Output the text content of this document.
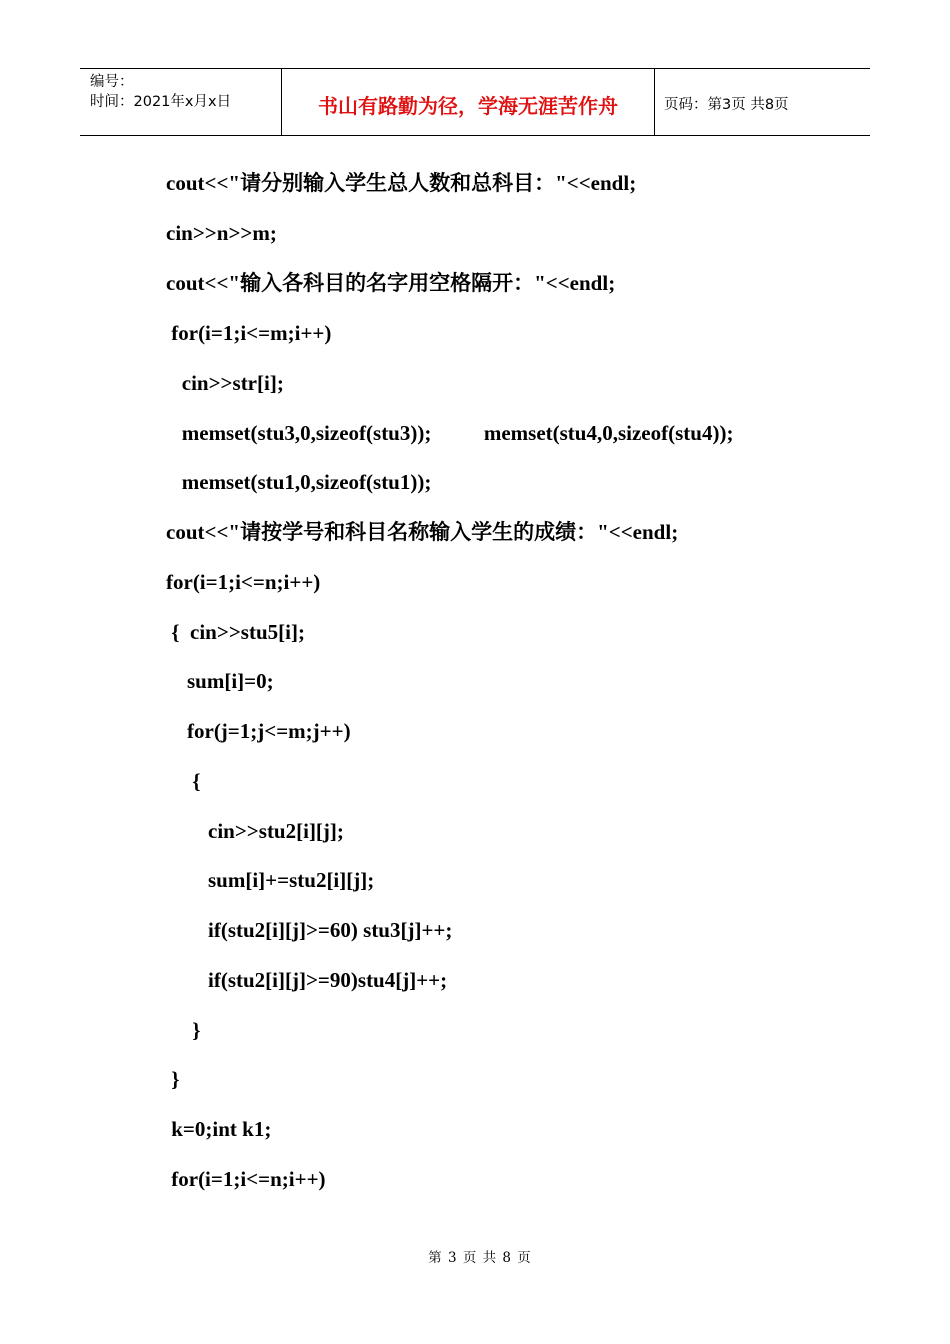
编号：
时间：2021年x月x日	书山有路勤为径，学海无涯苦作舟	页码：第3页 共8页
cout<<"请分别输入学生总人数和总科目："<<endl;
cin>>n>>m;
cout<<"输入各科目的名字用空格隔开："<<endl;
for(i=1;i<=m;i++)
cin>>str[i];
memset(stu3,0,sizeof(stu3));          memset(stu4,0,sizeof(stu4));
memset(stu1,0,sizeof(stu1));
cout<<"请按学号和科目名称输入学生的成绩："<<endl;
for(i=1;i<=n;i++)
{  cin>>stu5[i];
sum[i]=0;
for(j=1;j<=m;j++)
{
cin>>stu2[i][j];
sum[i]+=stu2[i][j];
if(stu2[i][j]>=60) stu3[j]++;
if(stu2[i][j]>=90)stu4[j]++;
}
}
k=0;int k1;
for(i=1;i<=n;i++)
第 3 页 共 8 页
